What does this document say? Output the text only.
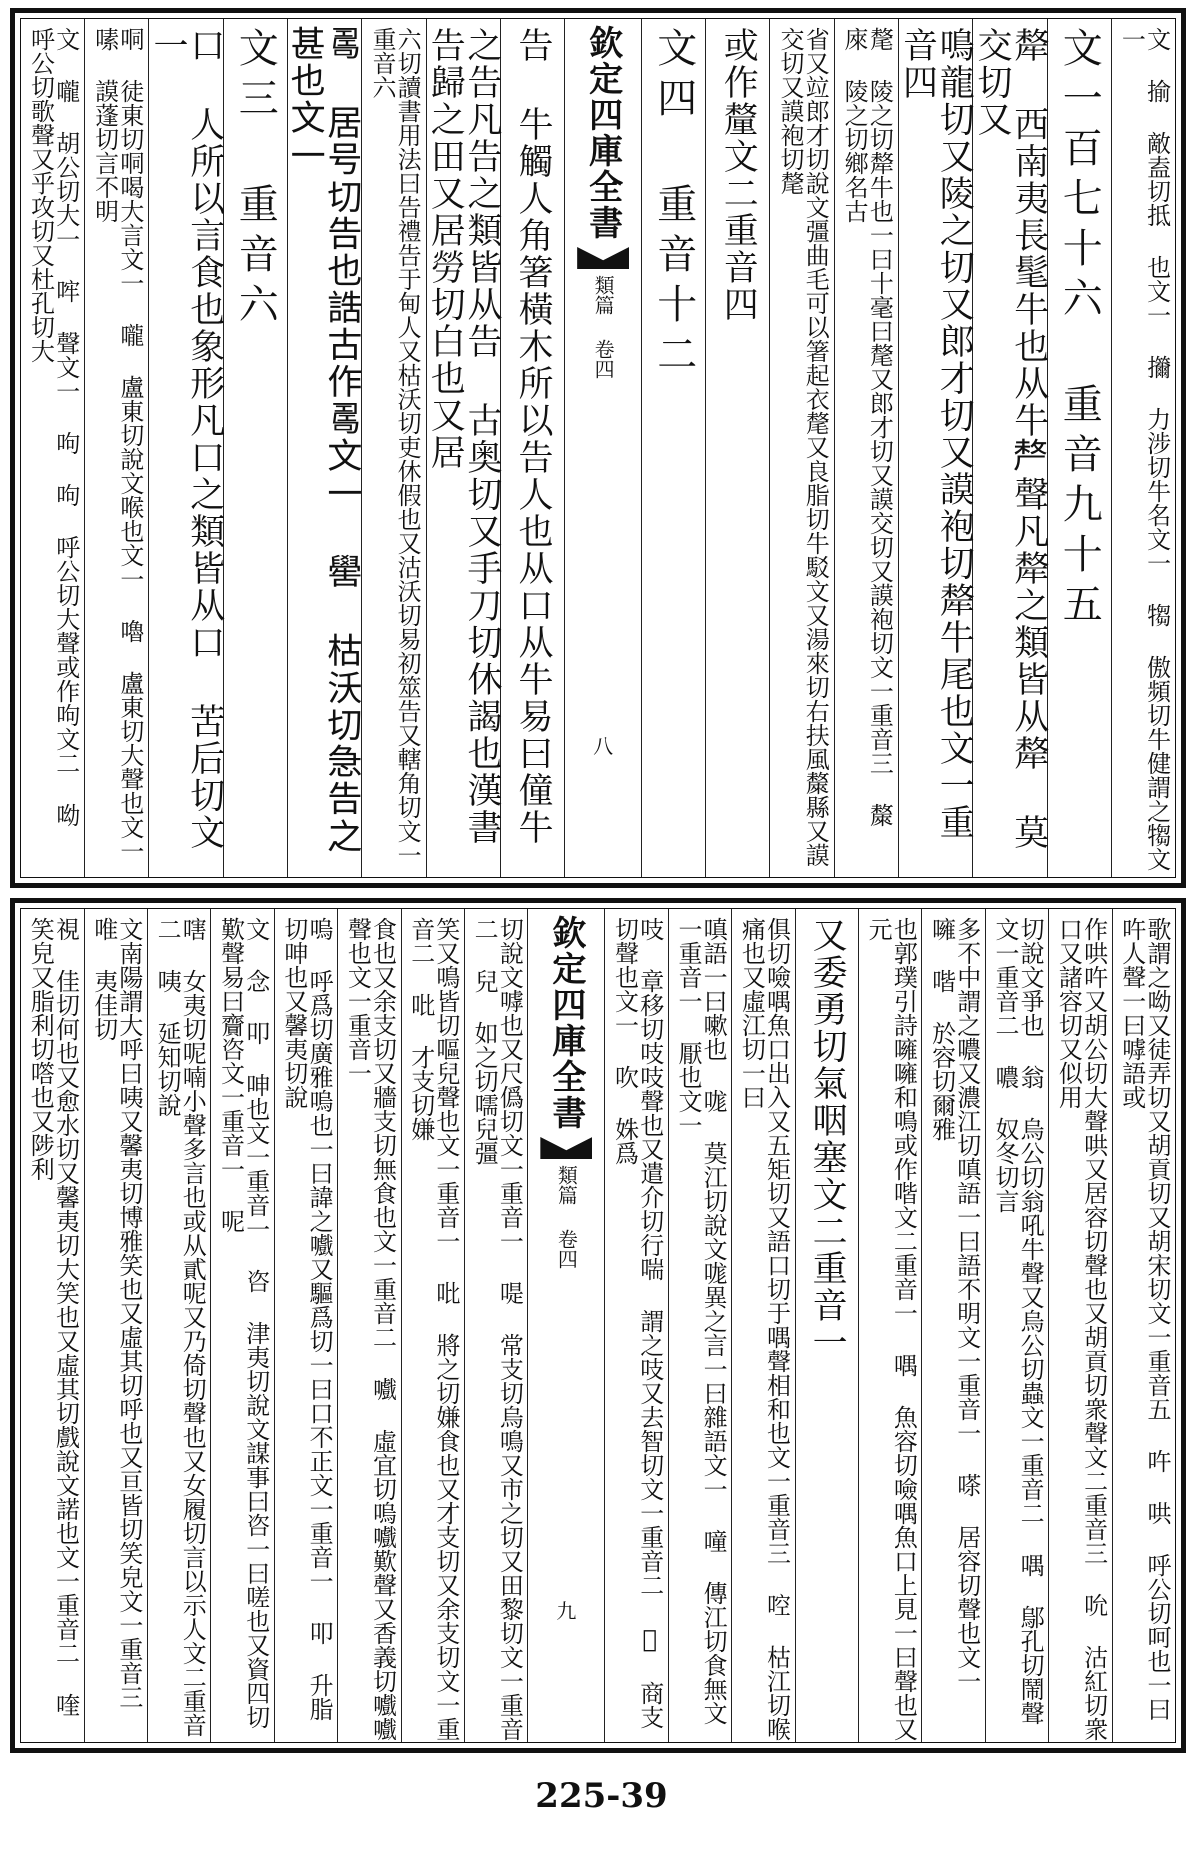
文 揄 敵盍切抵 也文一 㩶 力涉切牛名文一 犓 傲頻切牛健謂之犓文一
文一百七十六 重音九十五
犛 西南夷長髦牛也从牛𠩺聲凡犛之類皆从犛 莫交切又
鳴龍切又陵之切又郎才切又謨袍切犛牛尾也文一重音四
氂 陵之切犛牛也一曰十毫曰氂又郎才切又謨交切又謨袍切文一重音三 斄 庲 陵之切鄉名古
省又竝郎才切說文彊曲毛可以箸起衣氂又良脂切牛駁文又湯來切右扶風斄縣又謨交切又謨袍切氂
或作釐文二重音四
文四 重音十二
欽定四庫全書
類篇 卷四
八
告 牛觸人角箸橫木所以告人也从口从牛易曰僮牛
之告凡告之類皆从告 古奥切又手刀切休謁也漢書告歸之田又居勞切白也又居
六切讀書用法曰告禮告于甸人又枯沃切吏休假也又沽沃切易初筮告又轄角切文一重音六
𠷎 居号切告也誥古作𠷎文一 嚳 枯沃切急告之甚也文一
文三 重音六
口 人所以言食也象形凡口之類皆从口 苦后切文一
哃 徒東切哃喝大言文一 嚨 盧東切說文喉也文一 嚕 盧東切大聲也文一 嗉 謨蓬切言不明
文 嚨 胡公切大一 哰 聲文一 呴 呴 呼公切大聲或作呴文二 呦 呼公切歌聲又乎攻切又杜孔切大
歌謂之呦又徒弄切又胡貢切又胡宋切文一重音五 吘 哄 呼公切呵也一曰吘人聲一曰嘑語或
作哄吘又胡公切大聲哄又居容切聲也又胡貢切衆聲文二重音三 吮 沽紅切衆口又諸容切又似用
切說文爭也 翁 烏公切翁吼牛聲又烏公切蟲文一重音二 喁 鄔孔切鬧聲文一重音二 噥 奴冬切言
多不中謂之噥又濃江切嗔語一曰語不明文一重音一 嗏 居容切聲也文一 噰 喈 於容切爾雅
也郭璞引詩噰噰和鳴或作喈文二重音一 喁 魚容切噞喁魚口上見一曰聲也又元
又委勇切氣咽塞文二重音一
俱切噞喁魚口出入又五矩切又語口切于喁聲相和也文一重音三 啌 枯江切喉痛也又虛江切一曰
嗔語一曰嗽也 哤 莫江切說文哤異之言一曰雜語文一 噇 傳江切食無文一重音一 厭也文一
吱 章移切吱吱聲也又遣介切行喘 謂之吱又去智切文一重音二 𡁲 商支切聲也文一 吹 姝爲
欽定四庫全書
類篇 卷四
九
切說文嘑也又尺僞切文一重音一 㖷 常支切烏鳴又市之切又田黎切文一重音二 兒 如之切嚅兒彊
笑又鳴皆切嘔兒聲也文一重音一 吡 將之切嫌食也又才支切又余支切文一重音二 吡 才支切嫌
食也又余支切又牆支切無食也文一重音二 嚱 虛宜切嗚嚱歎聲又香義切嚱嚱聲也文一重音一
嗚 呼爲切廣雅嗚也一曰諱之嚱又驅爲切一曰口不正文一重音一 叩 升脂切呻也又馨夷切說
文 念 叩 呻也文一重音一 咨 津夷切說文謀事曰咨一曰嗟也又資四切歎聲易曰齎咨文一重音一 呢
嗐 女夷切呢喃小聲多言也或从貳呢又乃倚切聲也又女履切言以示人文二重音二 咦 延知切說
文南陽謂大呼曰咦又馨夷切博雅笑也又虛其切呼也又亘皆切笑皃文一重音三 唯 夷佳切
視 佳切何也又愈水切又馨夷切大笑也又虛其切戲說文諾也文一重音二 喹 笑皃又脂利切㗳也又陟利
225-39
